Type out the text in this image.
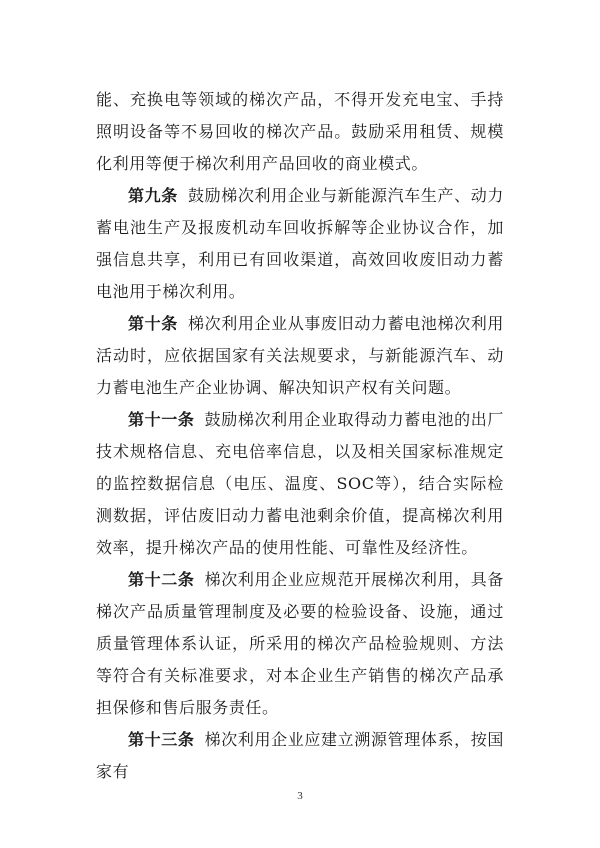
能、充换电等领域的梯次产品，不得开发充电宝、手持照明设备等不易回收的梯次产品。鼓励采用租赁、规模化利用等便于梯次利用产品回收的商业模式。

第九条 鼓励梯次利用企业与新能源汽车生产、动力蓄电池生产及报废机动车回收拆解等企业协议合作，加强信息共享，利用已有回收渠道，高效回收废旧动力蓄电池用于梯次利用。

第十条 梯次利用企业从事废旧动力蓄电池梯次利用活动时，应依据国家有关法规要求，与新能源汽车、动力蓄电池生产企业协调、解决知识产权有关问题。

第十一条 鼓励梯次利用企业取得动力蓄电池的出厂技术规格信息、充电倍率信息，以及相关国家标准规定的监控数据信息（电压、温度、SOC等），结合实际检测数据，评估废旧动力蓄电池剩余价值，提高梯次利用效率，提升梯次产品的使用性能、可靠性及经济性。

第十二条 梯次利用企业应规范开展梯次利用，具备梯次产品质量管理制度及必要的检验设备、设施，通过质量管理体系认证，所采用的梯次产品检验规则、方法等符合有关标准要求，对本企业生产销售的梯次产品承担保修和售后服务责任。

第十三条 梯次利用企业应建立溯源管理体系，按国家有

3
